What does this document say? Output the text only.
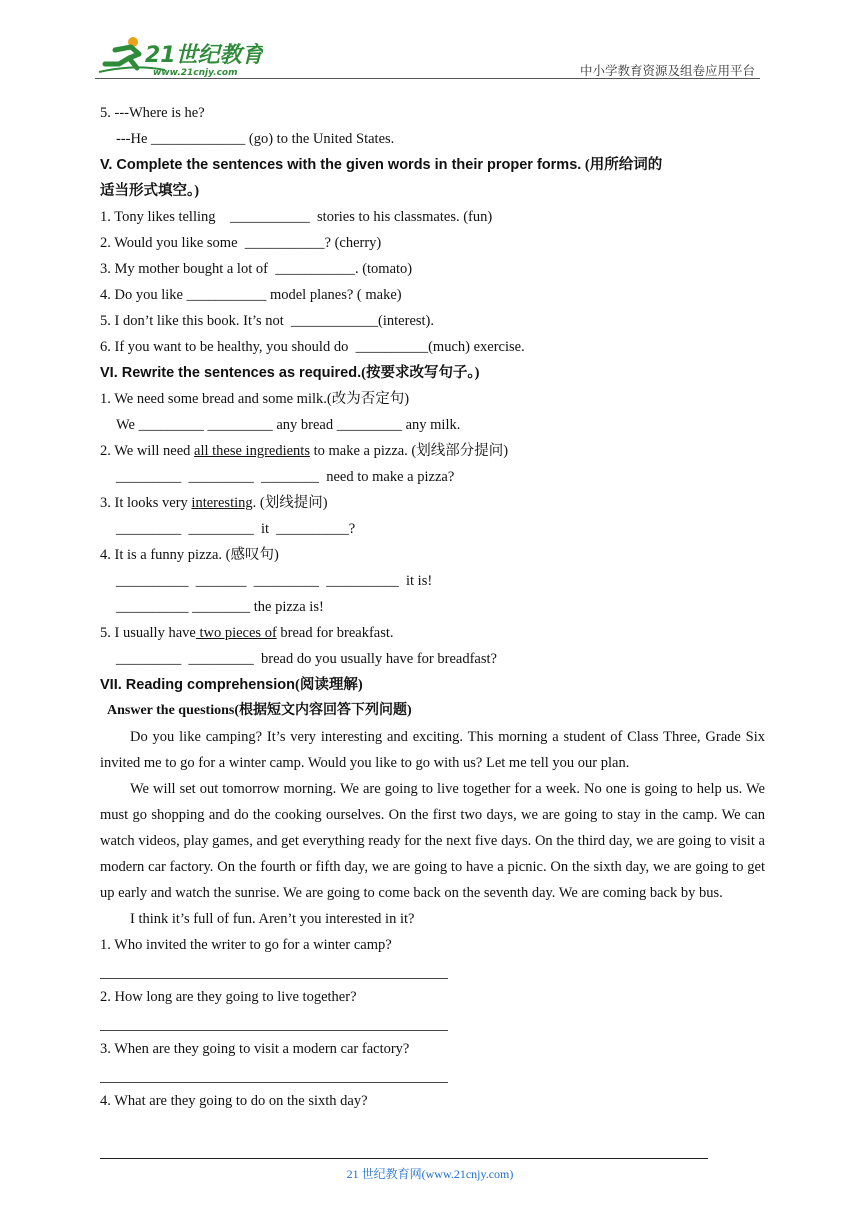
21世纪教育
www.21cnjy.com	中小学教育资源及组卷应用平台
5. ---Where is he?
---He _____________ (go) to the United States.
V. Complete the sentences with the given words in their proper forms. (用所给词的
适当形式填空。)
1. Tony likes telling    ___________  stories to his classmates. (fun)
2. Would you like some  ___________? (cherry)
3. My mother bought a lot of  ___________. (tomato)
4. Do you like ___________ model planes? ( make)
5. I don’t like this book. It’s not  ____________(interest).
6. If you want to be healthy, you should do  __________(much) exercise.
VI. Rewrite the sentences as required.(按要求改写句子。)
1. We need some bread and some milk.(改为否定句)
We _________ _________ any bread _________ any milk.
2. We will need all these ingredients to make a pizza. (划线部分提问)
_________  _________  ________  need to make a pizza?
3. It looks very interesting. (划线提问)
_________  _________  it  __________?
4. It is a funny pizza. (感叹句)
__________  _______  _________  __________  it is!
__________ ________ the pizza is!
5. I usually have two pieces of bread for breakfast.
_________  _________  bread do you usually have for breadfast?
VII. Reading comprehension(阅读理解)
Answer the questions(根据短文内容回答下列问题)

Do you like camping? It’s very interesting and exciting. This morning a student of Class Three, Grade Six invited me to go for a winter camp. Would you like to go with us? Let me tell you our plan.

We will set out tomorrow morning. We are going to live together for a week. No one is going to help us. We must go shopping and do the cooking ourselves. On the first two days, we are going to stay in the camp. We can watch videos, play games, and get everything ready for the next five days. On the third day, we are going to visit a modern car factory. On the fourth or fifth day, we are going to have a picnic. On the sixth day, we are going to get up early and watch the sunrise. We are going to come back on the seventh day. We are coming back by bus.

I think it’s full of fun. Aren’t you interested in it?

1. Who invited the writer to go for a winter camp?
2. How long are they going to live together?
3. When are they going to visit a modern car factory?
4. What are they going to do on the sixth day?
21 世纪教育网(www.21cnjy.com)
